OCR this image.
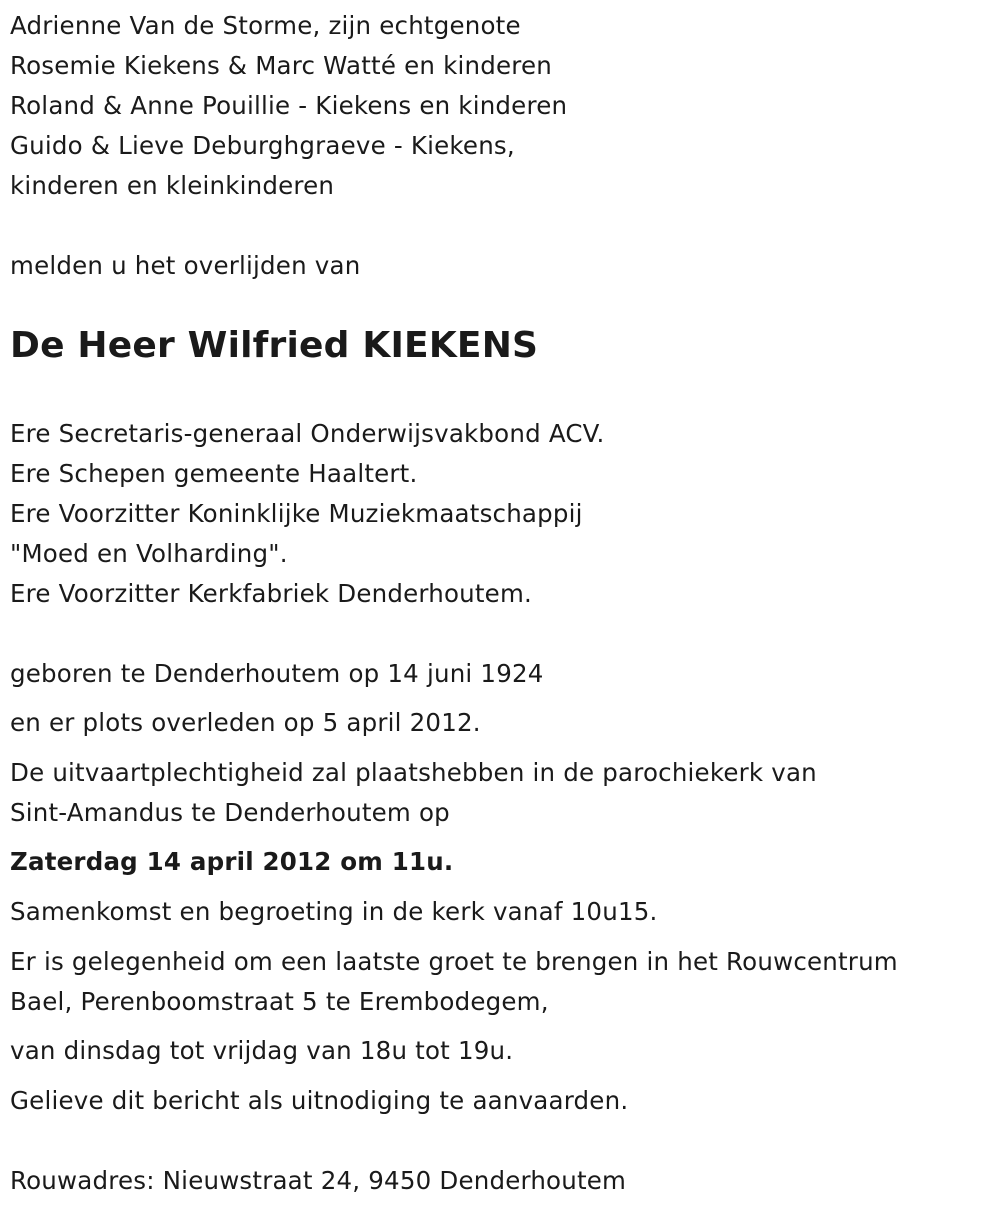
Adrienne Van de Storme, zijn echtgenote
Rosemie Kiekens & Marc Watté en kinderen
Roland & Anne Pouillie - Kiekens en kinderen
Guido & Lieve Deburghgraeve - Kiekens,
kinderen en kleinkinderen
melden u het overlijden van
De Heer Wilfried KIEKENS
Ere Secretaris-generaal Onderwijsvakbond ACV.
Ere Schepen gemeente Haaltert.
Ere Voorzitter Koninklijke Muziekmaatschappij
"Moed en Volharding".
Ere Voorzitter Kerkfabriek Denderhoutem.
geboren te Denderhoutem op 14 juni 1924
en er plots overleden op 5 april 2012.
De uitvaartplechtigheid zal plaatshebben in de parochiekerk van
Sint-Amandus te Denderhoutem op
Zaterdag 14 april 2012 om 11u.
Samenkomst en begroeting in de kerk vanaf 10u15.
Er is gelegenheid om een laatste groet te brengen in het Rouwcentrum
Bael, Perenboomstraat 5 te Erembodegem,
van dinsdag tot vrijdag van 18u tot 19u.
Gelieve dit bericht als uitnodiging te aanvaarden.
Rouwadres: Nieuwstraat 24, 9450 Denderhoutem
